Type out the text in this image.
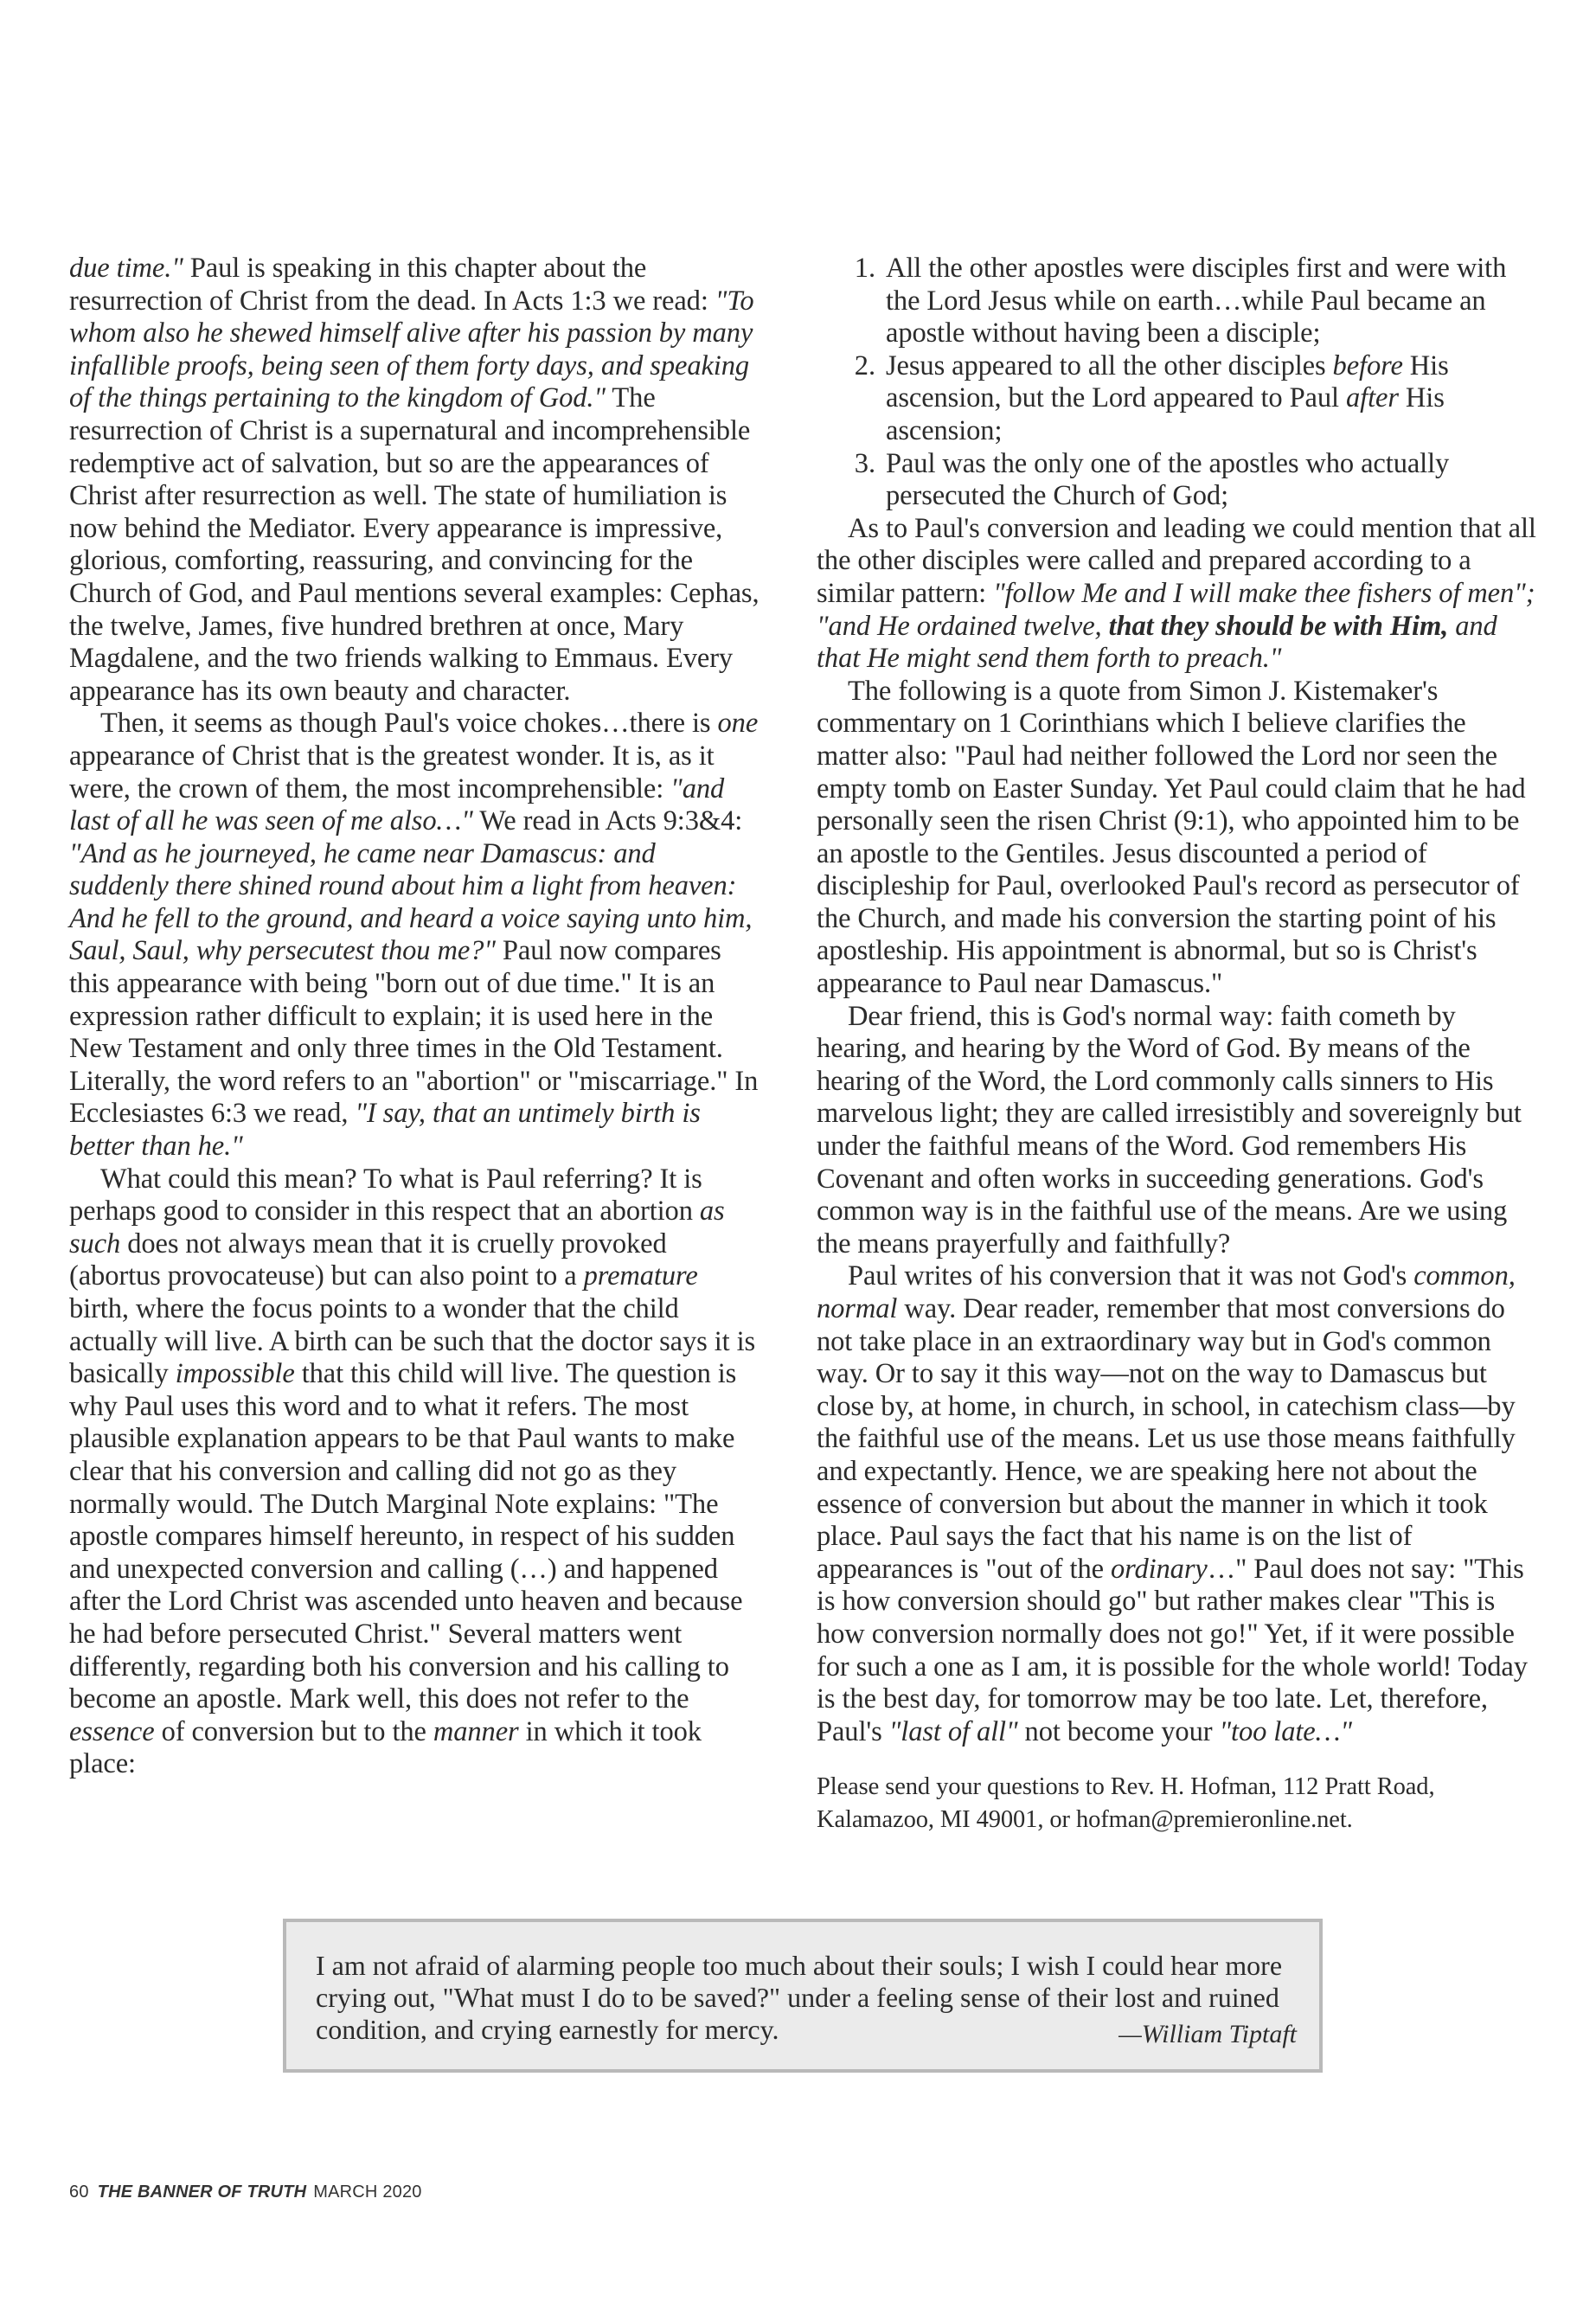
due time." Paul is speaking in this chapter about the resurrection of Christ from the dead. In Acts 1:3 we read: "To whom also he shewed himself alive after his passion by many infallible proofs, being seen of them forty days, and speaking of the things pertaining to the kingdom of God." The resurrection of Christ is a supernatural and incomprehensible redemptive act of salvation, but so are the appearances of Christ after resurrection as well. The state of humiliation is now behind the Mediator. Every appearance is impressive, glorious, comforting, reassuring, and convincing for the Church of God, and Paul mentions several examples: Cephas, the twelve, James, five hundred brethren at once, Mary Magdalene, and the two friends walking to Emmaus. Every appearance has its own beauty and character.

Then, it seems as though Paul's voice chokes…there is one appearance of Christ that is the greatest wonder. It is, as it were, the crown of them, the most incomprehensible: "and last of all he was seen of me also…" We read in Acts 9:3&4: "And as he journeyed, he came near Damascus: and suddenly there shined round about him a light from heaven: And he fell to the ground, and heard a voice saying unto him, Saul, Saul, why persecutest thou me?" Paul now compares this appearance with being "born out of due time." It is an expression rather difficult to explain; it is used here in the New Testament and only three times in the Old Testament. Literally, the word refers to an "abortion" or "miscarriage." In Ecclesiastes 6:3 we read, "I say, that an untimely birth is better than he."

What could this mean? To what is Paul referring? It is perhaps good to consider in this respect that an abortion as such does not always mean that it is cruelly provoked (abortus provocateuse) but can also point to a premature birth, where the focus points to a wonder that the child actually will live. A birth can be such that the doctor says it is basically impossible that this child will live. The question is why Paul uses this word and to what it refers. The most plausible explanation appears to be that Paul wants to make clear that his conversion and calling did not go as they normally would. The Dutch Marginal Note explains: "The apostle compares himself hereunto, in respect of his sudden and unexpected conversion and calling (…) and happened after the Lord Christ was ascended unto heaven and because he had before persecuted Christ." Several matters went differently, regarding both his conversion and his calling to become an apostle. Mark well, this does not refer to the essence of conversion but to the manner in which it took place:

1. All the other apostles were disciples first and were with the Lord Jesus while on earth…while Paul became an apostle without having been a disciple;
2. Jesus appeared to all the other disciples before His ascension, but the Lord appeared to Paul after His ascension;
3. Paul was the only one of the apostles who actually persecuted the Church of God;

As to Paul's conversion and leading we could mention that all the other disciples were called and prepared according to a similar pattern: "follow Me and I will make thee fishers of men"; "and He ordained twelve, that they should be with Him, and that He might send them forth to preach."

The following is a quote from Simon J. Kistemaker's commentary on 1 Corinthians which I believe clarifies the matter also: "Paul had neither followed the Lord nor seen the empty tomb on Easter Sunday. Yet Paul could claim that he had personally seen the risen Christ (9:1), who appointed him to be an apostle to the Gentiles. Jesus discounted a period of discipleship for Paul, overlooked Paul's record as persecutor of the Church, and made his conversion the starting point of his apostleship. His appointment is abnormal, but so is Christ's appearance to Paul near Damascus."

Dear friend, this is God's normal way: faith cometh by hearing, and hearing by the Word of God. By means of the hearing of the Word, the Lord commonly calls sinners to His marvelous light; they are called irresistibly and sovereignly but under the faithful means of the Word. God remembers His Covenant and often works in succeeding generations. God's common way is in the faithful use of the means. Are we using the means prayerfully and faithfully?

Paul writes of his conversion that it was not God's common, normal way. Dear reader, remember that most conversions do not take place in an extraordinary way but in God's common way. Or to say it this way—not on the way to Damascus but close by, at home, in church, in school, in catechism class—by the faithful use of the means. Let us use those means faithfully and expectantly. Hence, we are speaking here not about the essence of conversion but about the manner in which it took place. Paul says the fact that his name is on the list of appearances is "out of the ordinary…" Paul does not say: "This is how conversion should go" but rather makes clear "This is how conversion normally does not go!" Yet, if it were possible for such a one as I am, it is possible for the whole world! Today is the best day, for tomorrow may be too late. Let, therefore, Paul's "last of all" not become your "too late…"

Please send your questions to Rev. H. Hofman, 112 Pratt Road, Kalamazoo, MI 49001, or hofman@premieronline.net.

I am not afraid of alarming people too much about their souls; I wish I could hear more crying out, "What must I do to be saved?" under a feeling sense of their lost and ruined condition, and crying earnestly for mercy.	—William Tiptaft
60 THE BANNER OF TRUTH MARCH 2020
